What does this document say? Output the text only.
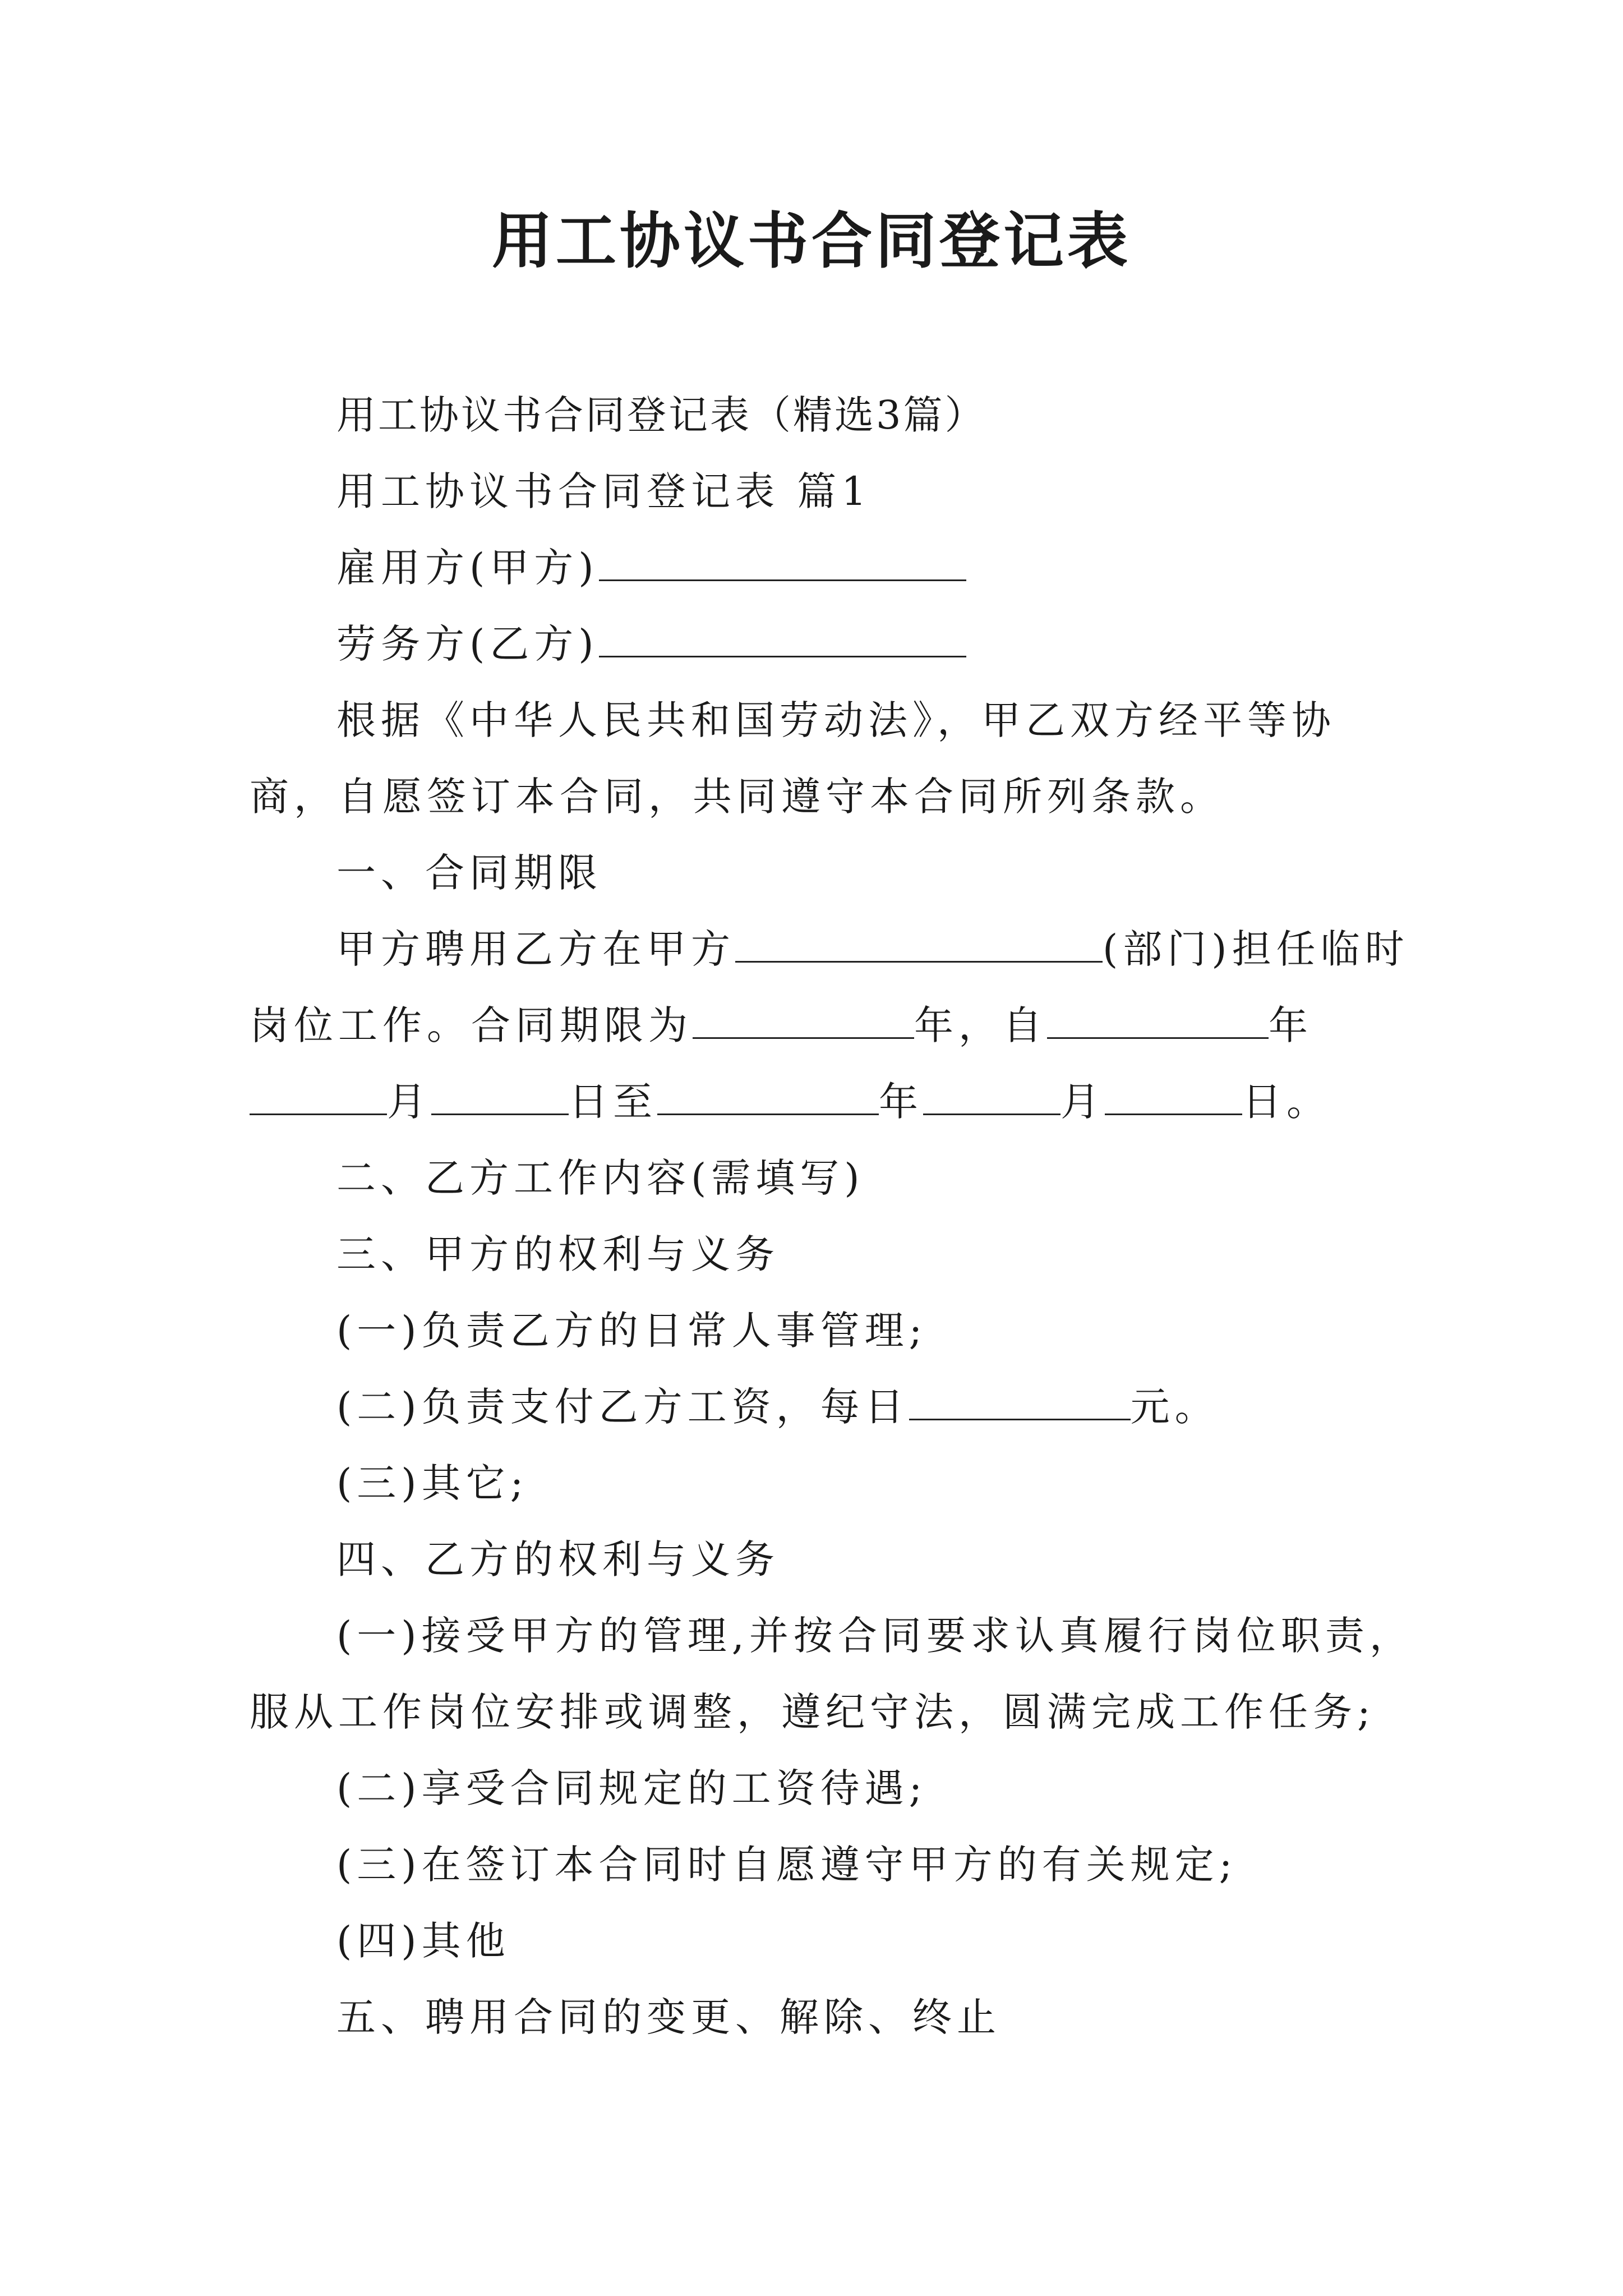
用工协议书合同登记表

用工协议书合同登记表（精选3篇）

用工协议书合同登记表 篇1

雇用方(甲方)

劳务方(乙方)

根据《中华人民共和国劳动法》，甲乙双方经平等协商，自愿签订本合同，共同遵守本合同所列条款。

一、合同期限

甲方聘用乙方在甲方	(部门)担任临时岗位工作。合同期限为	年，自	年月	日至	年	月	日。

二、乙方工作内容(需填写)

三、甲方的权利与义务

(一)负责乙方的日常人事管理;

(二)负责支付乙方工资，每日	元。

(三)其它;

四、乙方的权利与义务

(一)接受甲方的管理,并按合同要求认真履行岗位职责，服从工作岗位安排或调整，遵纪守法，圆满完成工作任务;

(二)享受合同规定的工资待遇;

(三)在签订本合同时自愿遵守甲方的有关规定;

(四)其他

五、聘用合同的变更、解除、终止
